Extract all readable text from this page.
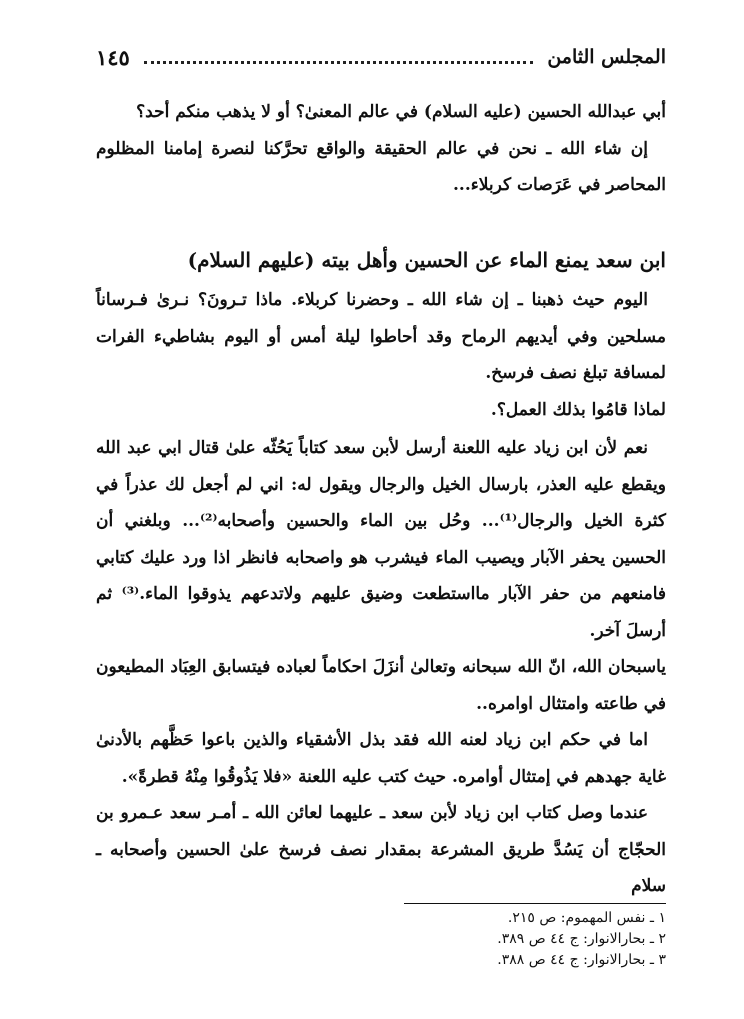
المجلس الثامن
١٤٥

أبي عبدالله الحسين (عليه السلام) في عالم المعنىٰ؟ أو لا يذهب منكم أحد؟

إن شاء الله ـ نحن في عالم الحقيقة والواقع تحرَّكنا لنصرة إمامنا المظلوم المحاصر في عَرَصات كربلاء...

ابن سعد يمنع الماء عن الحسين وأهل بيته (عليهم السلام)

اليوم حيث ذهبنا ـ إن شاء الله ـ وحضرنا كربلاء. ماذا تـرونَ؟ نـرىٰ فـرساناً مسلحين وفي أيديهم الرماح وقد أحاطوا ليلة أمس أو اليوم بشاطيء الفرات لمسافة تبلغ نصف فرسخ.

لماذا قامُوا بذلك العمل؟.

نعم لأن ابن زياد عليه اللعنة أرسل لأبن سعد كتاباً يَحُثّه علىٰ قتال ابي عبد الله ويقطع عليه العذر، بارسال الخيل والرجال ويقول له: اني لم أجعل لك عذراً في كثرة الخيل والرجال⁽¹⁾... وحُل بين الماء والحسين وأصحابه⁽²⁾... وبلغني أن الحسين يحفر الآبار ويصيب الماء فيشرب هو واصحابه فانظر اذا ورد عليك كتابي فامنعهم من حفر الآبار مااستطعت وضيق عليهم ولاتدعهم يذوقوا الماء.⁽³⁾ ثم أرسلَ آخر.

ياسبحان الله، انّ الله سبحانه وتعالىٰ أنزَلَ احكاماً لعباده فيتسابق العِبَاد المطيعون في طاعته وامتثال اوامره..

اما في حكم ابن زياد لعنه الله فقد بذل الأشقياء والذين باعوا حَظَّهم بالأدنىٰ غاية جهدهم في إمتثال أوامره. حيث كتب عليه اللعنة «فلا يَذُوقُوا مِنْهُ قطرةً».

عندما وصل كتاب ابن زياد لأبن سعد ـ عليهما لعائن الله ـ أمـر سعد عـمرو بن الحجّاج أن يَسُدَّ طريق المشرعة بمقدار نصف فرسخ علىٰ الحسين وأصحابه ـ سلام

١ ـ نفس المهموم: ص ٢١٥.
٢ ـ بحارالانوار: ج ٤٤ ص ٣٨٩.
٣ ـ بحارالانوار: ج ٤٤ ص ٣٨٨.
